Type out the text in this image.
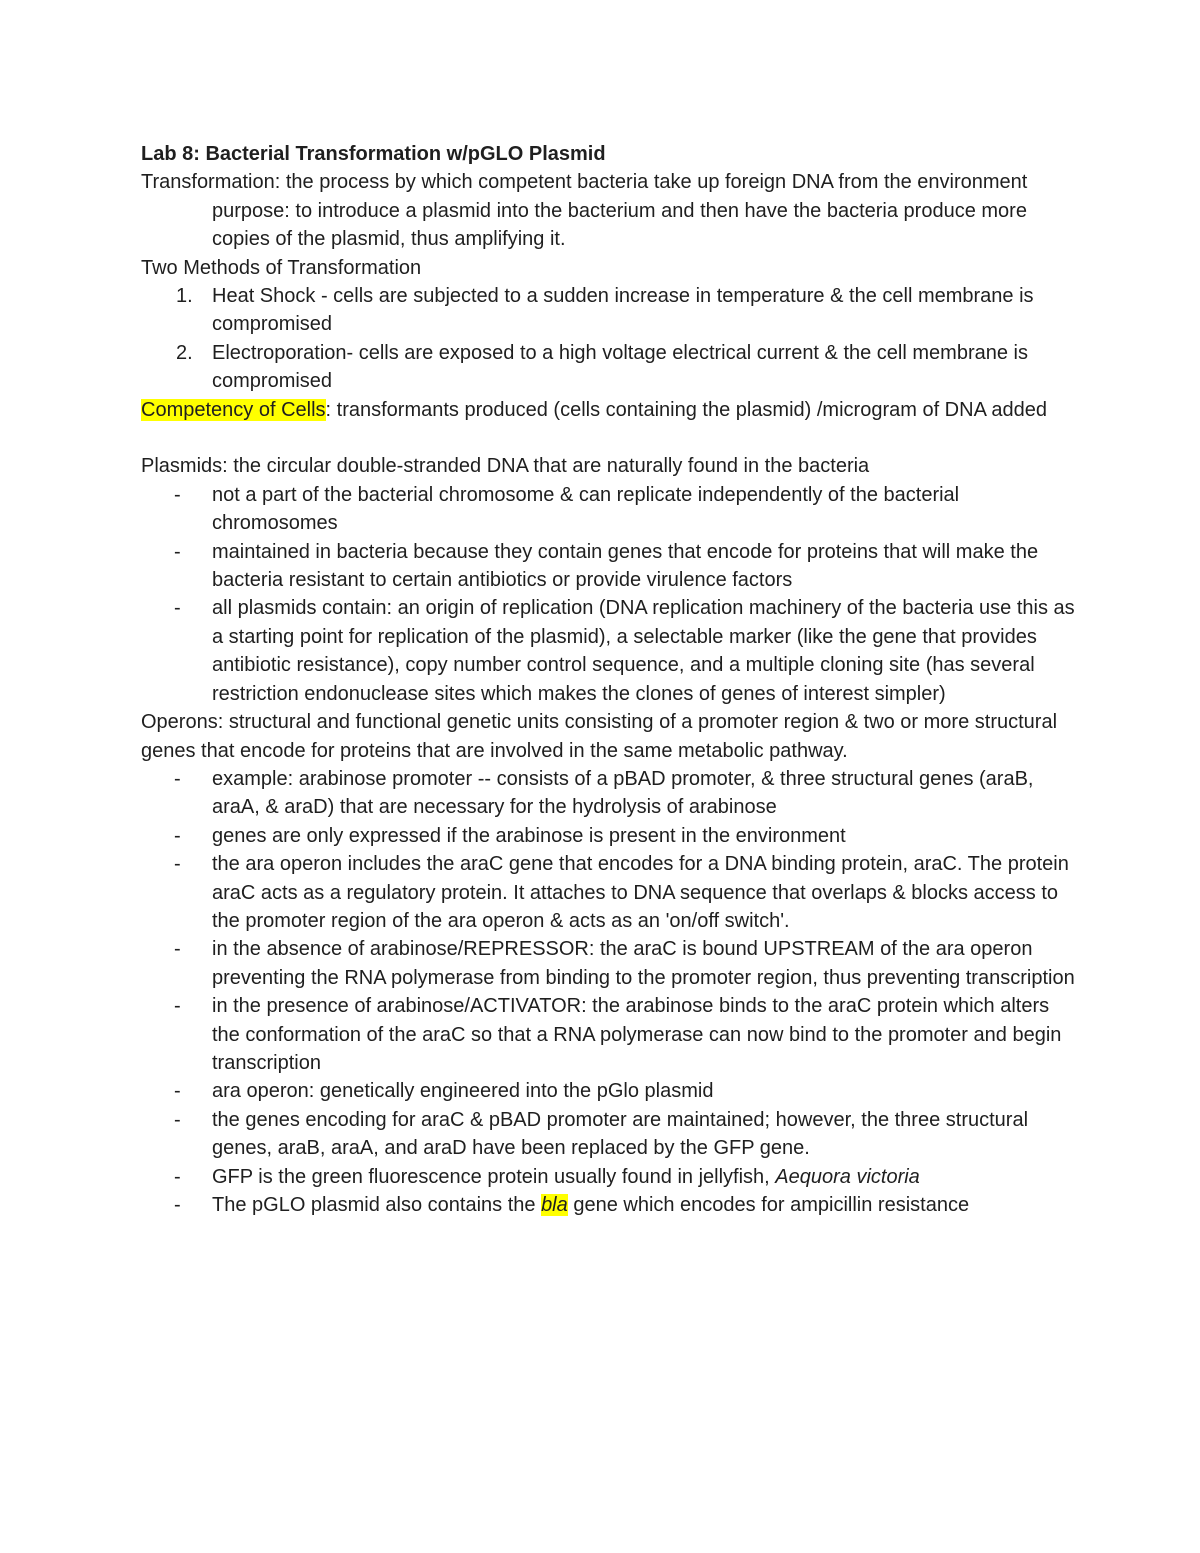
Lab 8: Bacterial Transformation w/pGLO Plasmid

Transformation: the process by which competent bacteria take up foreign DNA from the environment

purpose: to introduce a plasmid into the bacterium and then have the bacteria produce more copies of the plasmid, thus amplifying it.

Two Methods of Transformation

1. Heat Shock - cells are subjected to a sudden increase in temperature & the cell membrane is compromised
2. Electroporation- cells are exposed to a high voltage electrical current & the cell membrane is compromised

Competency of Cells: transformants produced (cells containing the plasmid) /microgram of DNA added

Plasmids: the circular double-stranded DNA that are naturally found in the bacteria

-	not a part of the bacterial chromosome & can replicate independently of the bacterial chromosomes
-	maintained in bacteria because they contain genes that encode for proteins that will make the bacteria resistant to certain antibiotics or provide virulence factors
-	all plasmids contain: an origin of replication (DNA replication machinery of the bacteria use this as a starting point for replication of the plasmid), a selectable marker (like the gene that provides antibiotic resistance), copy number control sequence, and a multiple cloning site (has several restriction endonuclease sites which makes the clones of genes of interest simpler)

Operons: structural and functional genetic units consisting of a promoter region & two or more structural genes that encode for proteins that are involved in the same metabolic pathway.

-	example: arabinose promoter -- consists of a pBAD promoter, & three structural genes (araB, araA, & araD) that are necessary for the hydrolysis of arabinose
-	genes are only expressed if the arabinose is present in the environment
-	the ara operon includes the araC gene that encodes for a DNA binding protein, araC. The protein araC acts as a regulatory protein. It attaches to DNA sequence that overlaps & blocks access to the promoter region of the ara operon & acts as an 'on/off switch'.
-	in the absence of arabinose/REPRESSOR: the araC is bound UPSTREAM of the ara operon preventing the RNA polymerase from binding to the promoter region, thus preventing transcription
-	in the presence of arabinose/ACTIVATOR: the arabinose binds to the araC protein which alters the conformation of the araC so that a RNA polymerase can now bind to the promoter and begin transcription
-	ara operon: genetically engineered into the pGlo plasmid
-	the genes encoding for araC & pBAD promoter are maintained; however, the three structural genes, araB, araA, and araD have been replaced by the GFP gene.
-	GFP is the green fluorescence protein usually found in jellyfish, Aequora victoria
-	The pGLO plasmid also contains the bla gene which encodes for ampicillin resistance
